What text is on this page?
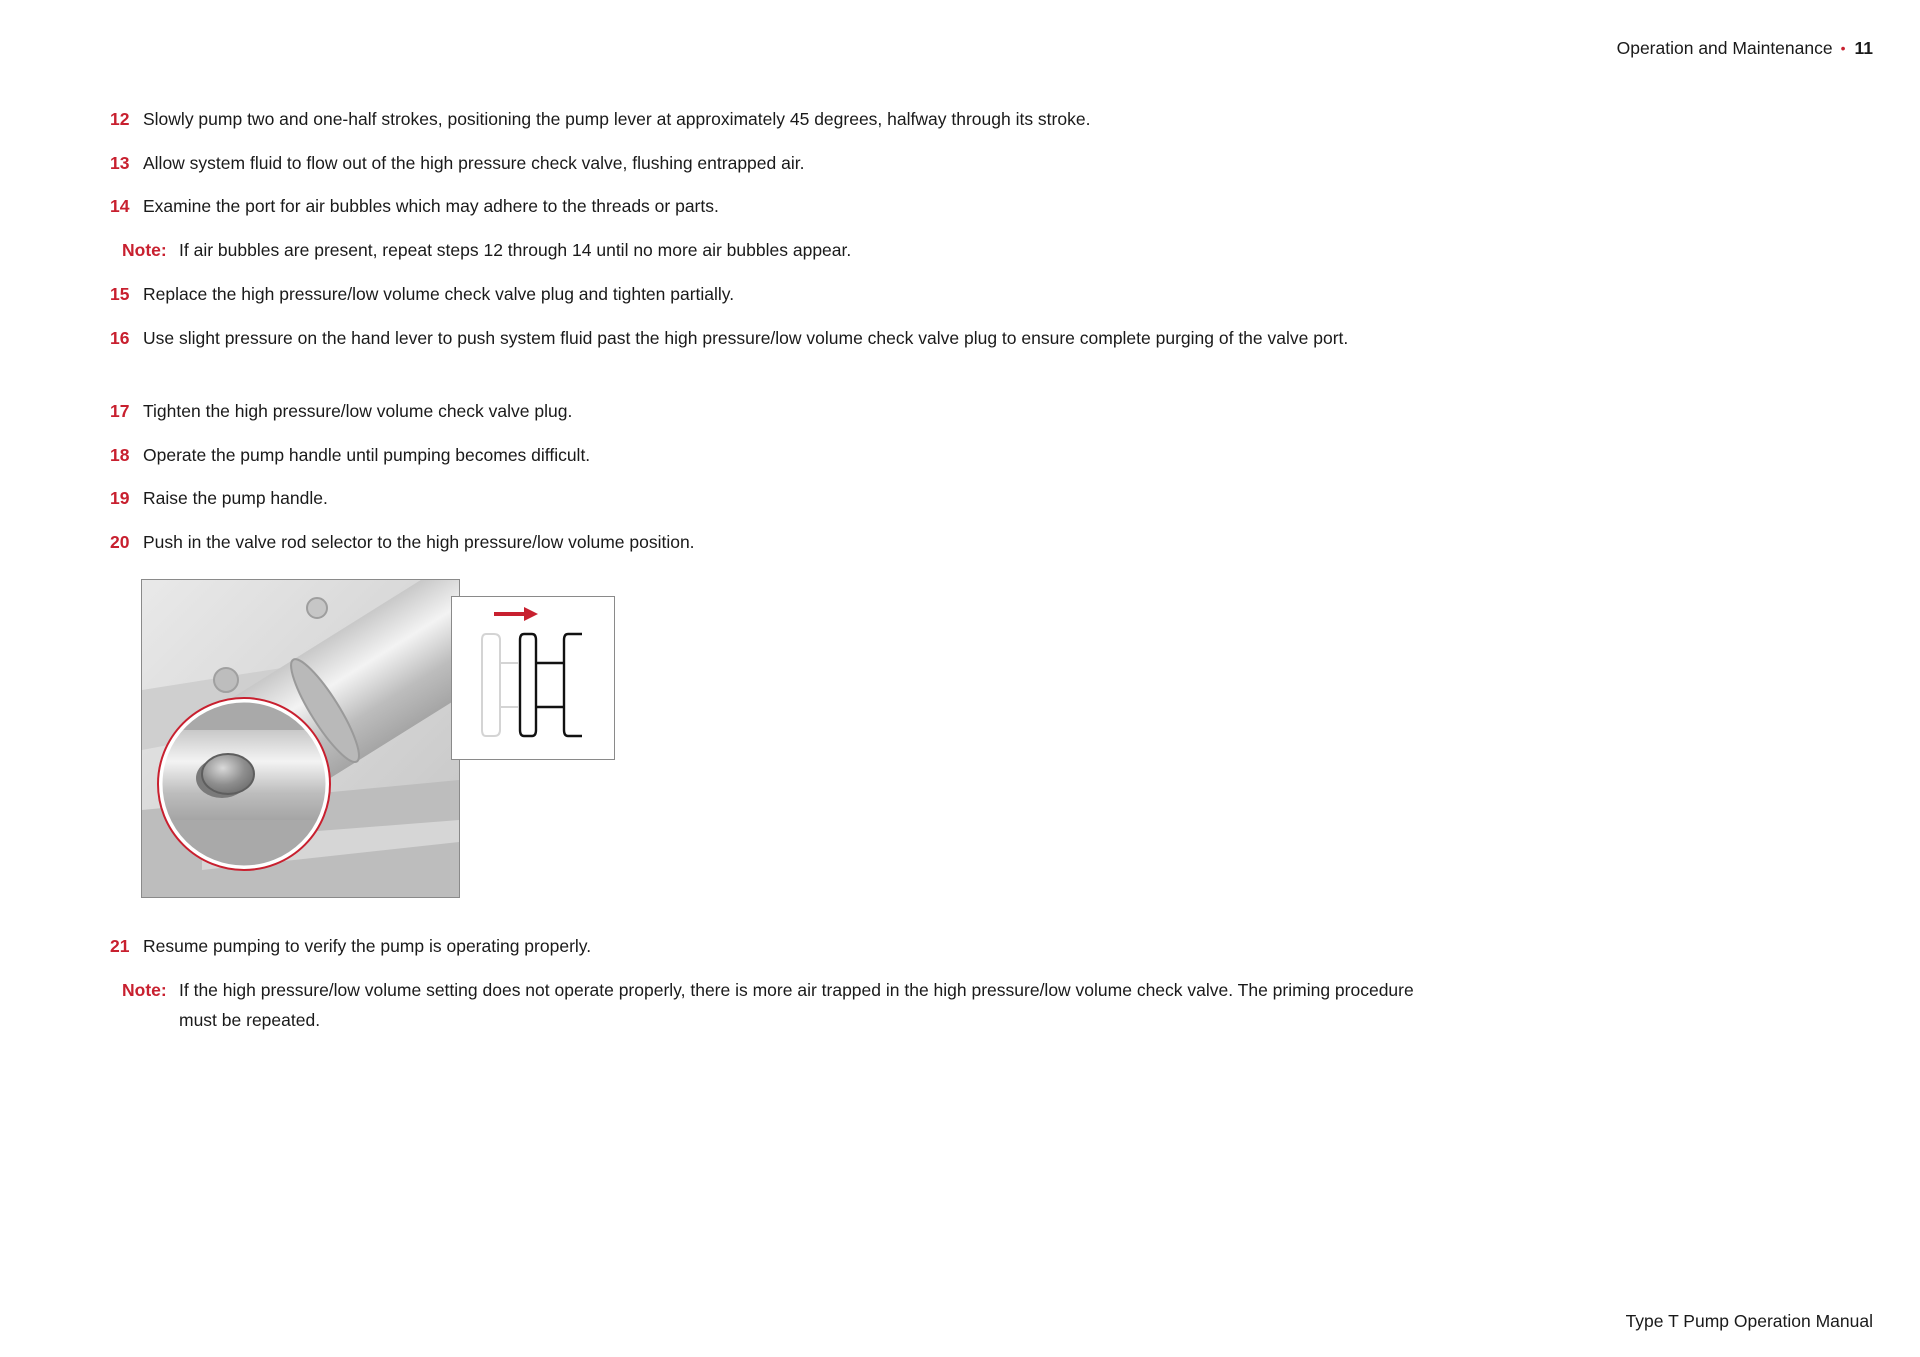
Operation and Maintenance • 11
12 Slowly pump two and one-half strokes, positioning the pump lever at approximately 45 degrees, halfway through its stroke.
13 Allow system fluid to flow out of the high pressure check valve, flushing entrapped air.
14 Examine the port for air bubbles which may adhere to the threads or parts.
Note: If air bubbles are present, repeat steps 12 through 14 until no more air bubbles appear.
15 Replace the high pressure/low volume check valve plug and tighten partially.
16 Use slight pressure on the hand lever to push system fluid past the high pressure/low volume check valve plug to ensure complete purging of the valve port.
17 Tighten the high pressure/low volume check valve plug.
18 Operate the pump handle until pumping becomes difficult.
19 Raise the pump handle.
20 Push in the valve rod selector to the high pressure/low volume position.
21 Resume pumping to verify the pump is operating properly.
Note: If the high pressure/low volume setting does not operate properly, there is more air trapped in the high pressure/low volume check valve. The priming procedure must be repeated.
Type T Pump Operation Manual
